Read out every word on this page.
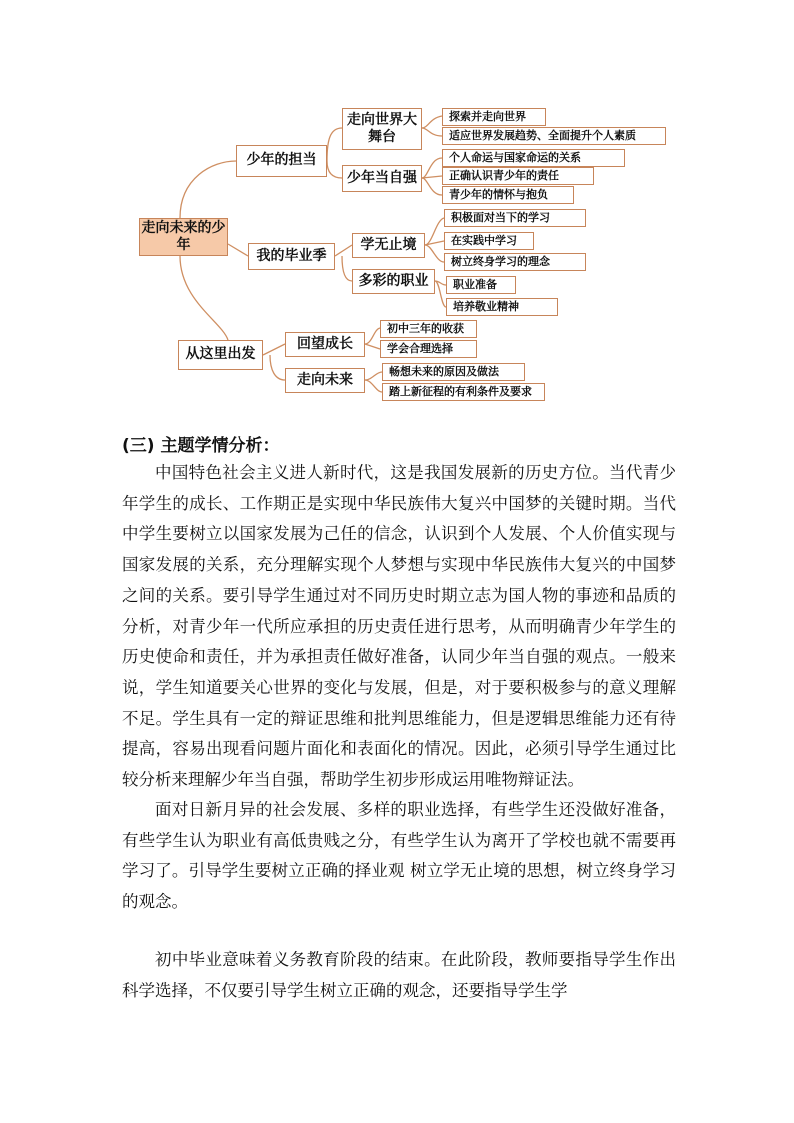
走向未来的少年
少年的担当
我的毕业季
从这里出发
走向世界大舞台
少年当自强
学无止境
多彩的职业
回望成长
走向未来
探索并走向世界
适应世界发展趋势、全面提升个人素质
个人命运与国家命运的关系
正确认识青少年的责任
青少年的情怀与抱负
积极面对当下的学习
在实践中学习
树立终身学习的理念
职业准备
培养敬业精神
初中三年的收获
学会合理选择
畅想未来的原因及做法
踏上新征程的有利条件及要求
(三) 主题学情分析：
中国特色社会主义进人新时代，这是我国发展新的历史方位。当代青少年学生的成长、工作期正是实现中华民族伟大复兴中国梦的关键时期。当代中学生要树立以国家发展为己任的信念，认识到个人发展、个人价值实现与国家发展的关系，充分理解实现个人梦想与实现中华民族伟大复兴的中国梦之间的关系。要引导学生通过对不同历史时期立志为国人物的事迹和品质的分析，对青少年一代所应承担的历史责任进行思考，从而明确青少年学生的历史使命和责任，并为承担责任做好准备，认同少年当自强的观点。一般来说，学生知道要关心世界的变化与发展，但是，对于要积极参与的意义理解不足。学生具有一定的辩证思维和批判思维能力，但是逻辑思维能力还有待提高，容易出现看问题片面化和表面化的情况。因此，必须引导学生通过比较分析来理解少年当自强，帮助学生初步形成运用唯物辩证法。
面对日新月异的社会发展、多样的职业选择，有些学生还没做好准备，有些学生认为职业有高低贵贱之分，有些学生认为离开了学校也就不需要再学习了。引导学生要树立正确的择业观 树立学无止境的思想，树立终身学习的观念。
初中毕业意味着义务教育阶段的结束。在此阶段，教师要指导学生作出科学选择，不仅要引导学生树立正确的观念，还要指导学生学
